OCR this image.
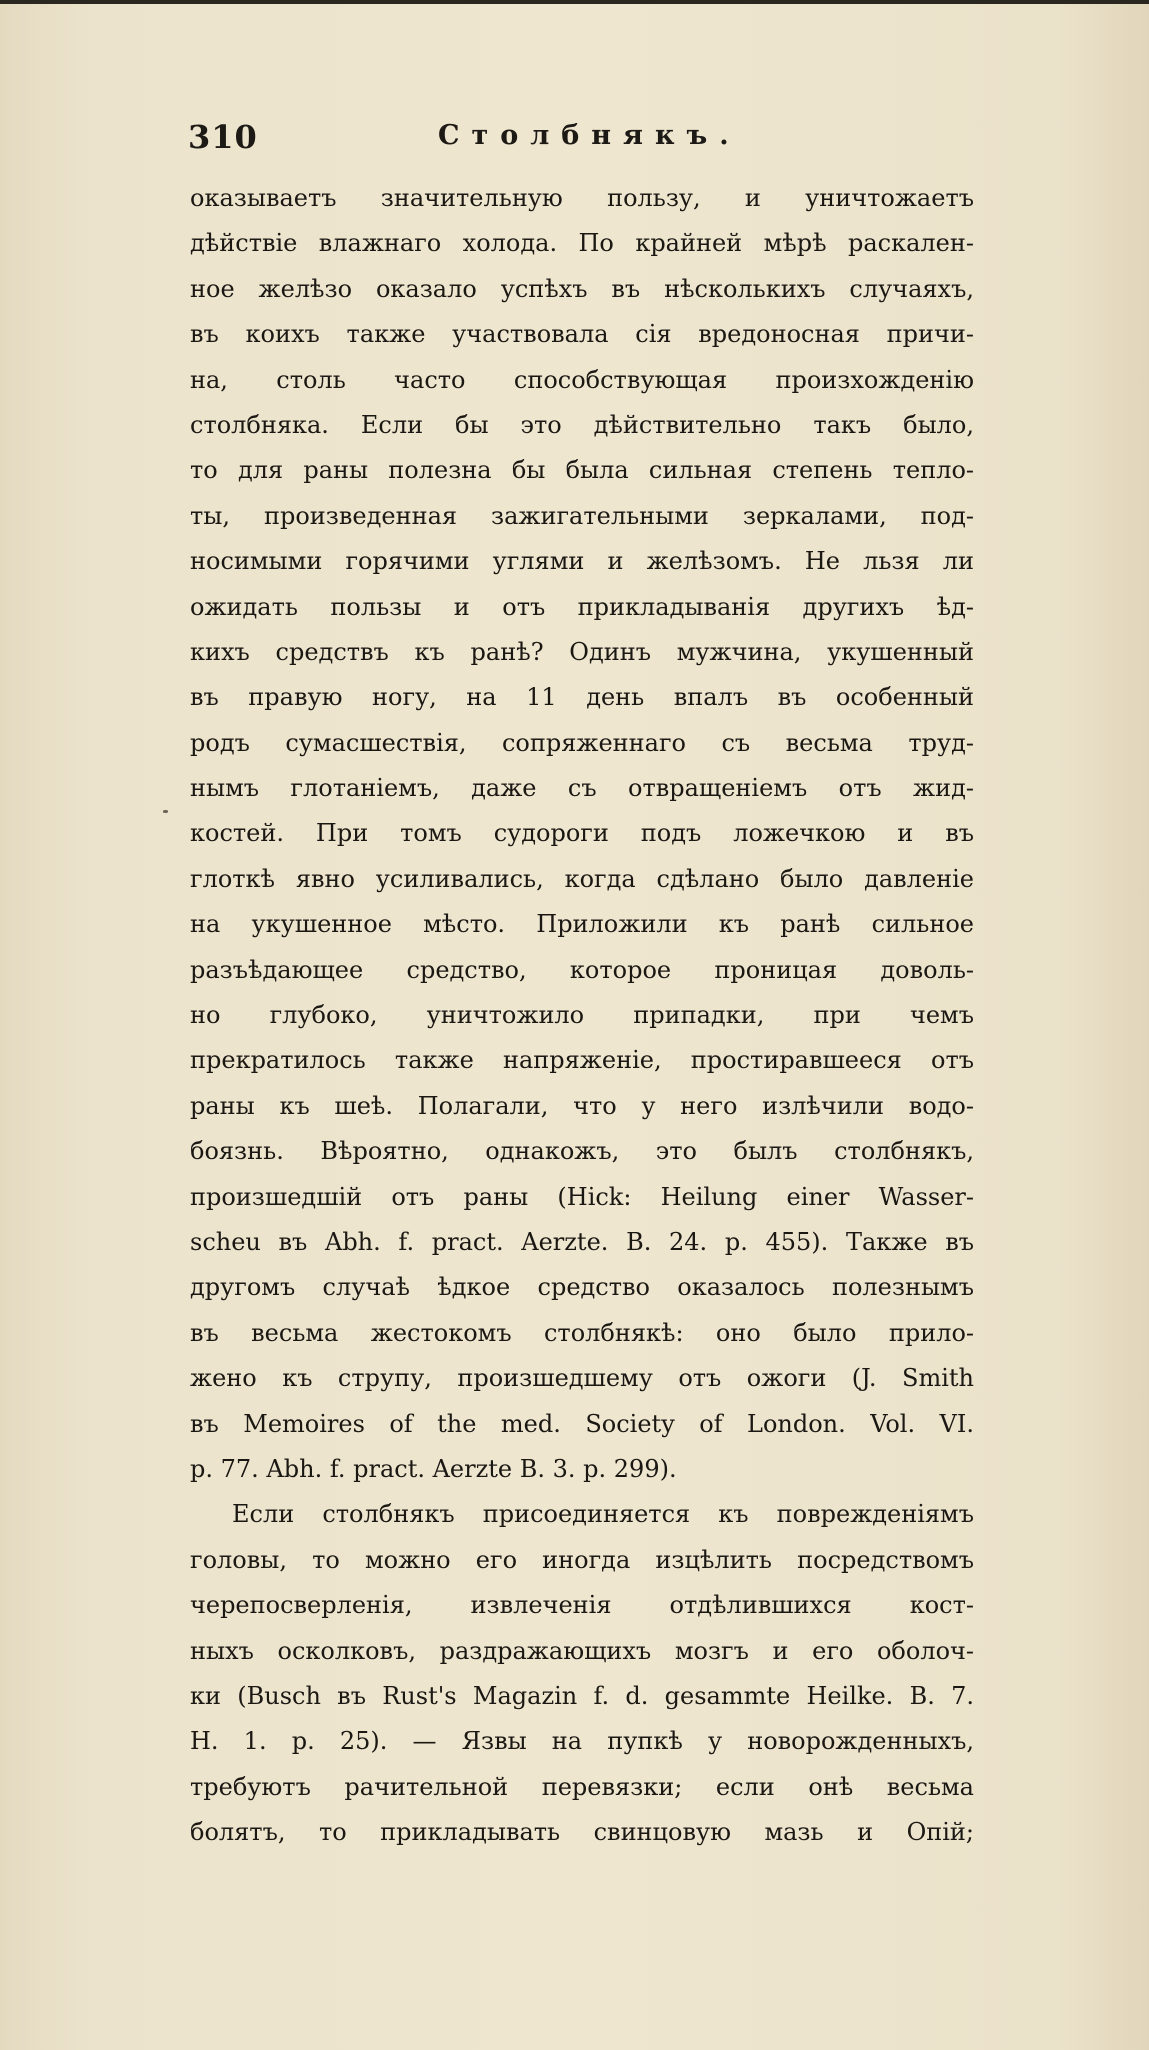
310	Столбнякъ.
оказываетъ значительную пользу, и уничтожаетъ
дѣйствіе влажнаго холода. По крайней мѣрѣ раскален-
ное желѣзо оказало успѣхъ въ нѣсколькихъ случаяхъ,
въ коихъ также участвовала сія вредоносная причи-
на, столь часто способствующая произхожденію
столбняка. Если бы это дѣйствительно такъ было,
то для раны полезна бы была сильная степень тепло-
ты, произведенная зажигательными зеркалами, под-
носимыми горячими углями и желѣзомъ. Не льзя ли
ожидать пользы и отъ прикладыванія другихъ ѣд-
кихъ средствъ къ ранѣ? Одинъ мужчина, укушенный
въ правую ногу, на 11 день впалъ въ особенный
родъ сумасшествія, сопряженнаго съ весьма труд-
нымъ глотаніемъ, даже съ отвращеніемъ отъ жид-
костей. При томъ судороги подъ ложечкою и въ
глоткѣ явно усиливались, когда сдѣлано было давленіе
на укушенное мѣсто. Приложили къ ранѣ сильное
разъѣдающее средство, которое проницая доволь-
но глубоко, уничтожило припадки, при чемъ
прекратилось также напряженіе, простиравшееся отъ
раны къ шеѣ. Полагали, что у него излѣчили водо-
боязнь. Вѣроятно, однакожъ, это былъ столбнякъ,
произшедшій отъ раны (Hick: Heilung einer Wasser-
scheu въ Abh. f. pract. Aerzte. B. 24. p. 455). Также въ
другомъ случаѣ ѣдкое средство оказалось полезнымъ
въ весьма жестокомъ столбнякѣ: оно было прило-
жено къ струпу, произшедшему отъ ожоги (J. Smith
въ Memoires of the med. Society of London. Vol. VI.
p. 77. Abh. f. pract. Aerzte B. 3. p. 299).
Если столбнякъ присоединяется къ поврежденіямъ
головы, то можно его иногда изцѣлить посредствомъ
черепосверленія, извлеченія отдѣлившихся кост-
ныхъ осколковъ, раздражающихъ мозгъ и его оболоч-
ки (Busch въ Rust's Magazin f. d. gesammte Heilke. B. 7.
H. 1. p. 25). — Язвы на пупкѣ у новорожденныхъ,
требуютъ рачительной перевязки; если онѣ весьма
болятъ, то прикладывать свинцовую мазь и Опій;
